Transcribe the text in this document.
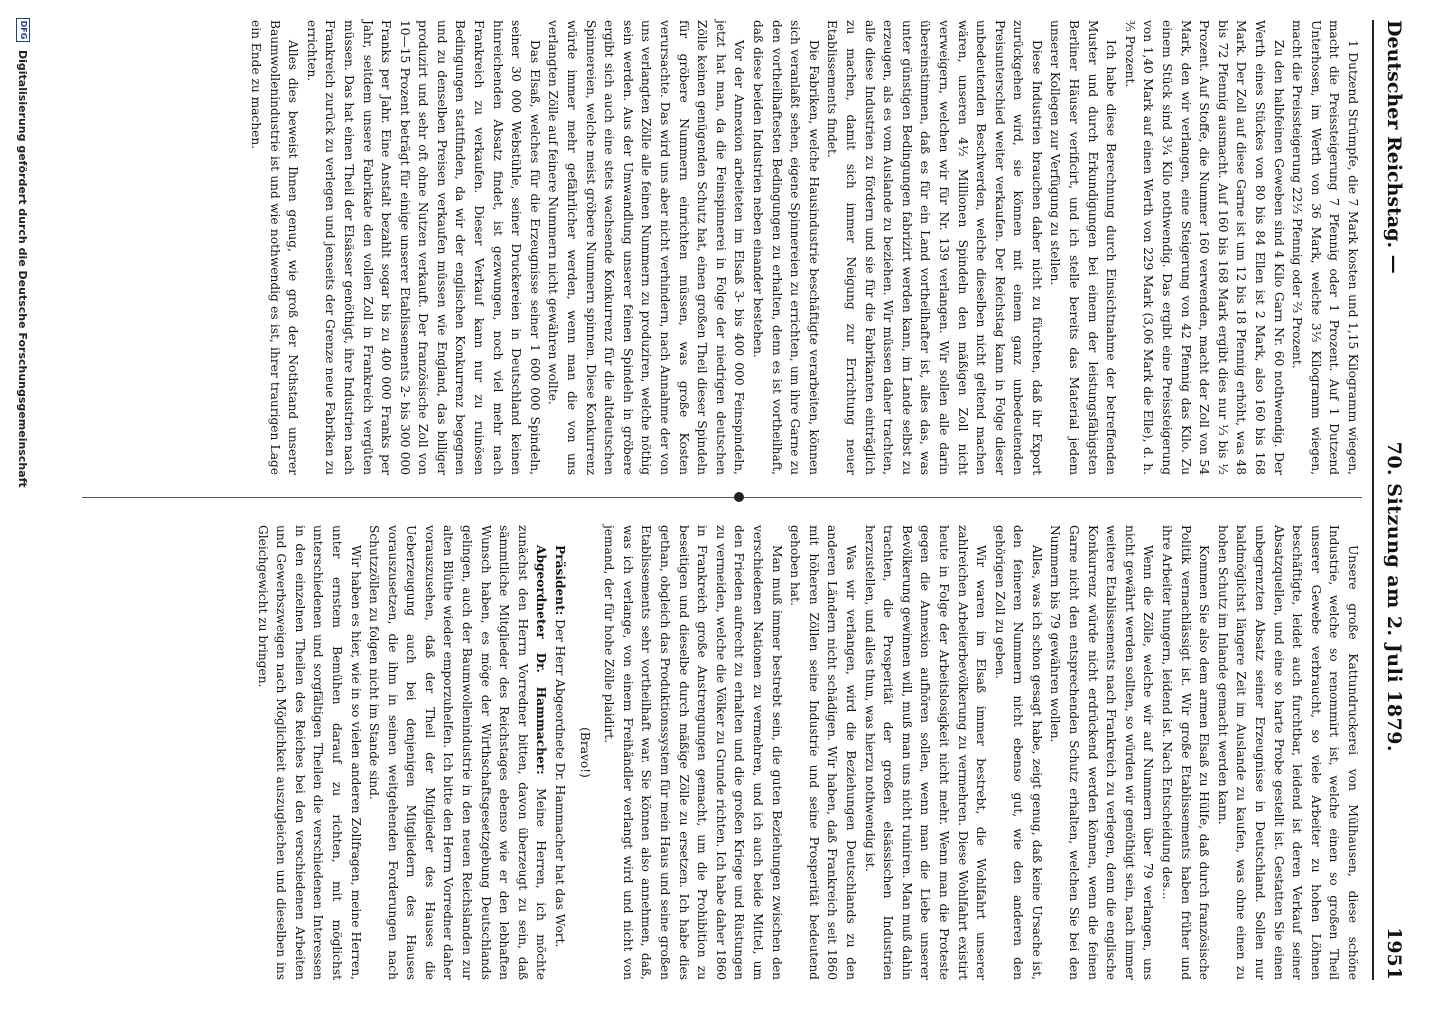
Deutscher Reichstag. —
70. Sitzung am 2. Juli 1879.
1951

1 Dutzend Strümpfe, die 7 Mark kosten und 1,15 Kilogramm wiegen, macht die Preissteigerung 7 Pfennig oder 1 Prozent. Auf 1 Dutzend Unterhosen, im Werth von 36 Mark, welche 3⅓ Kilogramm wiegen, macht die Preissteigerung 22⅓ Pfennig oder ⅔ Prozent.

Zu den halbfeinen Geweben sind 4 Kilo Garn Nr. 60 nothwendig. Der Werth eines Stückes von 80 bis 84 Ellen ist 2 Mark, also 160 bis 168 Mark. Der Zoll auf diese Garne ist um 12 bis 18 Pfennig erhöht, was 48 bis 72 Pfennig ausmacht. Auf 160 bis 168 Mark ergibt dies nur ⅓ bis ½ Prozent. Auf Stoffe, die Nummer 160 verwenden, macht der Zoll von 54 Mark, den wir verlangen, eine Steigerung von 42 Pfennig das Kilo. Zu einem Stück sind 3¼ Kilo nothwendig. Das ergibt eine Preissteigerung von 1,40 Mark auf einen Werth von 229 Mark (3,06 Mark die Elle), d. h. ⅗ Prozent.

Ich habe diese Berechnung durch Einsichtnahme der betreffenden Muster und durch Erkundigungen bei einem der leistungsfähigsten Berliner Häuser verificirt, und ich stelle bereits das Material jedem unserer Kollegen zur Verfügung zu stellen.

Diese Industrien brauchen daher nicht zu fürchten, daß ihr Export zurückgehen wird, sie können mit einem ganz unbedeutenden Preisunterschied weiter verkaufen. Der Reichstag kann in Folge dieser unbedeutenden Beschwerden, welche dieselben nicht geltend machen wären, unseren 4½ Millionen Spindeln den mäßigen Zoll nicht verweigern, welchen wir für Nr. 139 verlangen. Wir sollen alle darin übereinstimmen, daß es für ein Land vortheilhafter ist, alles das, was unter günstigen Bedingungen fabrizirt werden kann, im Lande selbst zu erzeugen, als es vom Auslande zu beziehen. Wir müssen daher trachten, alle diese Industrien zu fördern und sie für die Fabrikanten einträglich zu machen, damit sich immer Neigung zur Errichtung neuer Etablissements findet.

Die Fabriken, welche Hausindustrie beschäftigte verarbeiten, können sich veranlaßt sehen, eigene Spinnereien zu errichten, um ihre Garne zu den vortheilhaftesten Bedingungen zu erhalten, denn es ist vortheilhaft, daß diese beiden Industrien neben einander bestehen.

Vor der Annexion arbeiteten im Elsaß 3- bis 400 000 Feinspindeln, jetzt hat man, da die Feinspinnerei in Folge der niedrigen deutschen Zölle keinen genügenden Schutz hat, einen großen Theil dieser Spindeln für gröbere Nummern einrichten müssen, was große Kosten verursachte. Das wird uns aber nicht verhindern, nach Annahme der von uns verlangten Zölle alle feinen Nummern zu produziren, welche nöthig sein werden. Aus der Umwandlung unserer feinen Spindeln in gröbere ergibt sich auch eine stets wachsende Konkurrenz für die altdeutschen Spinnereien, welche meist gröbere Nummern spinnen. Diese Konkurrenz würde immer mehr gefährlicher werden, wenn man die von uns verlangten Zölle auf feinere Nummern nicht gewähren wollte.

Das Elsaß, welches für die Erzeugnisse seiner 1 600 000 Spindeln, seiner 30 000 Webstühle, seiner Druckereien in Deutschland keinen hinreichenden Absatz findet, ist gezwungen, noch viel mehr nach Frankreich zu verkaufen. Dieser Verkauf kann nur zu ruinösen Bedingungen stattfinden, da wir der englischen Konkurrenz begegnen und zu denselben Preisen verkaufen müssen wie England, das billiger produzirt und sehr oft ohne Nutzen verkauft. Der französische Zoll von 10—15 Prozent beträgt für einige unserer Etablissements 2- bis 300 000 Franks per Jahr. Eine Anstalt bezahlt sogar bis zu 400 000 Franks per Jahr, seitdem unsere Fabrikate den vollen Zoll in Frankreich vergüten müssen. Das hat einen Theil der Elsässer genöthigt, ihre Industrien nach Frankreich zurück zu verlegen und jenseits der Grenze neue Fabriken zu errichten.

Alles dies beweist Ihnen genug, wie groß der Nothstand unserer Baumwollenindustrie ist und wie nothwendig es ist, ihrer traurigen Lage ein Ende zu machen.

Unsere große Kattundruckerei von Mülhausen, diese schöne Industrie, welche so renommirt ist, welche einen so großen Theil unserer Gewebe verbraucht, so viele Arbeiter zu hohen Löhnen beschäftigte, leidet auch furchtbar, leidend ist deren Verkauf seiner Absatzquellen, und eine so harte Probe gestellt ist. Gestatten Sie einen unbegrenzten Absatz seiner Erzeugnisse in Deutschland. Sollen nur baldmöglichst längere Zeit im Auslande zu kaufen, was ohne einen zu hohen Schutz im Inlande gemacht werden kann.

Kommen Sie also dem armen Elsaß zu Hülfe, daß durch französische Politik vernachlässigt ist. Wir große Etablissements haben früher und ihre Arbeiter hungern, leidend ist. Nach Entscheidung des...

Wenn die Zölle, welche wir auf Nummern über 79 verlangen, uns nicht gewährt werden sollten, so würden wir genöthigt sein, nach immer weitere Etablissements nach Frankreich zu verlegen, denn die englische Konkurrenz würde nicht erdrückend werden können, wenn die feinen Garne nicht den entsprechenden Schutz erhalten, welchen Sie bei den Nummern bis 79 gewähren wollen.

Alles, was ich schon gesagt habe, zeigt genug, daß keine Ursache ist, den feineren Nummern nicht ebenso gut, wie den anderen den gehörigen Zoll zu geben.

Wir waren im Elsaß immer bestrebt, die Wohlfahrt unserer zahlreichen Arbeiterbevölkerung zu vermehren. Diese Wohlfahrt existirt heute in Folge der Arbeitslosigkeit nicht mehr. Wenn man die Proteste gegen die Annexion aufhören sollen, wenn man die Liebe unserer Bevölkerung gewinnen will, muß man uns nicht ruiniren. Man muß dahin trachten, die Prosperität der großen elsässischen Industrien herzustellen, und alles thun, was hierzu nothwendig ist.

Was wir verlangen, wird die Beziehungen Deutschlands zu den anderen Ländern nicht schädigen. Wir haben, daß Frankreich seit 1860 mit höheren Zöllen seine Industrie und seine Prosperität bedeutend gehoben hat.

Man muß immer bestrebt sein, die guten Beziehungen zwischen den verschiedenen Nationen zu vermehren, und ich auch beide Mittel, um den Frieden aufrecht zu erhalten und die großen Kriege und Rüstungen zu vermeiden, welche die Völker zu Grunde richten. Ich habe daher 1860 in Frankreich große Anstrengungen gemacht, um die Prohibition zu beseitigen und dieselbe durch mäßige Zölle zu ersetzen. Ich habe dies gethan, obgleich das Produktionssystem für mein Haus und seine großen Etablissements sehr vortheilhaft war. Sie können also annehmen, daß, was ich verlange, von einem Freihändler verlangt wird und nicht von jemand, der für hohe Zölle plaidirt.

(Bravo!)

Präsident: Der Herr Abgeordnete Dr. Hammacher hat das Wort.

Abgeordneter Dr. Hammacher: Meine Herren, ich möchte zunächst den Herrn Vorredner bitten, davon überzeugt zu sein, daß sämmtliche Mitglieder des Reichstages ebenso wie er den lebhaften Wunsch haben, es möge der Wirthschaftsgesetzgebung Deutschlands gelingen, auch der Baumwollenindustrie in den neuen Reichslanden zur alten Blüthe wieder emporzuhelfen. Ich bitte den Herrn Vorredner daher vorauszusehen, daß der Theil der Mitglieder des Hauses die Ueberzeugung auch bei denjenigen Mitgliedern des Hauses vorauszusetzen, die ihm in seinen weitgehenden Forderungen nach Schutzzöllen zu folgen nicht im Stande sind.

Wir haben es hier, wie in so vielen anderen Zollfragen, meine Herren, unter ernstem Bemühen darauf zu richten, mit möglichst unterschiedenen und sorgfältigen Theilen die verschiedenen Interessen in den einzelnen Theilen des Reiches bei den verschiedenen Arbeiten und Gewerbszweigen nach Möglichkeit auszugleichen und dieselben ins Gleichgewicht zu bringen.

DFG
Digitalisierung gefördert durch die Deutsche Forschungsgemeinschaft
